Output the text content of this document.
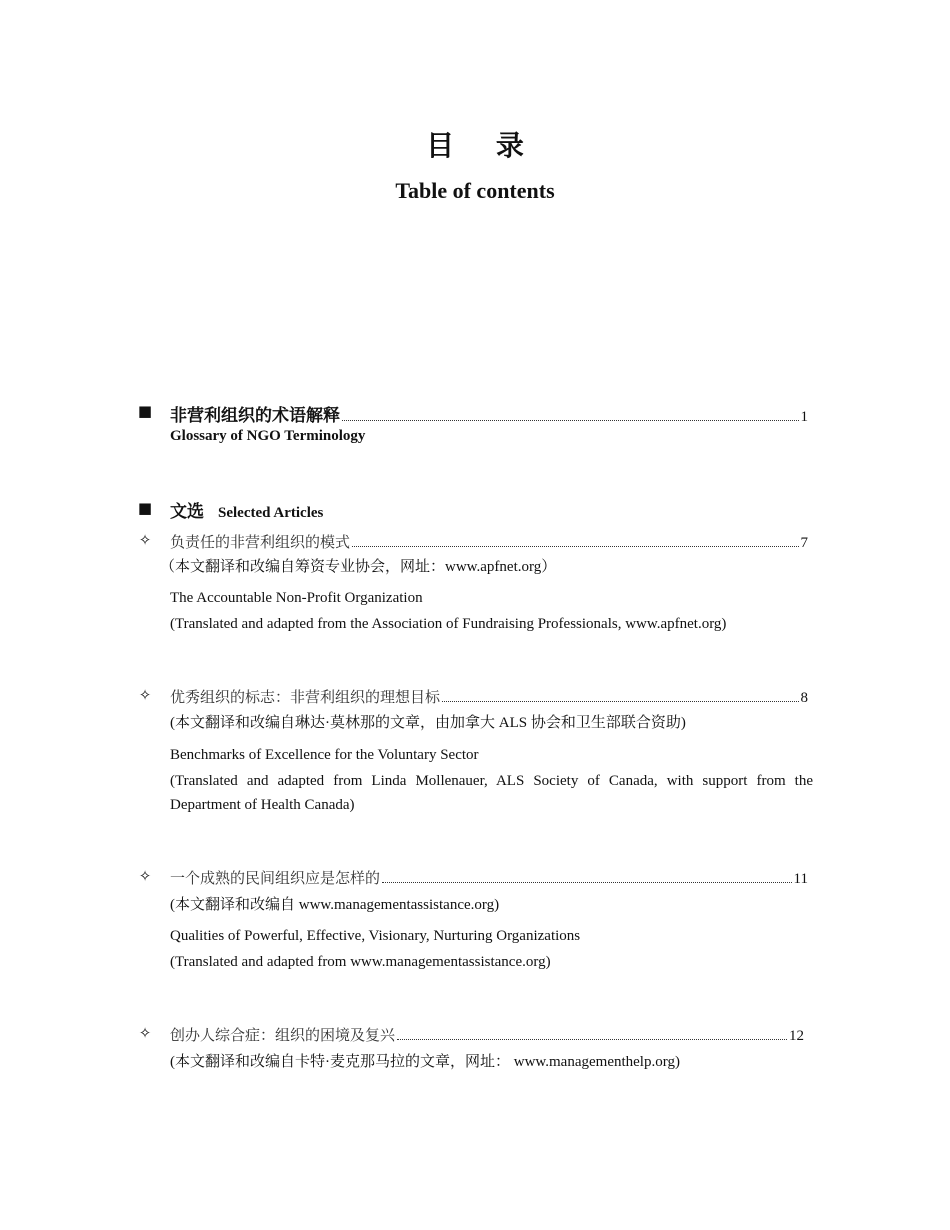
目 录
Table of contents
■ 非营利组织的术语解释	1
Glossary of NGO Terminology
■ 文选 Selected Articles
✧ 负责任的非营利组织的模式	7
（本文翻译和改编自筹资专业协会，网址：www.apfnet.org）
The Accountable Non-Profit Organization
(Translated and adapted from the Association of Fundraising Professionals, www.apfnet.org)
✧ 优秀组织的标志：非营利组织的理想目标	8
(本文翻译和改编自琳达·莫林那的文章，由加拿大 ALS 协会和卫生部联合资助)
Benchmarks of Excellence for the Voluntary Sector
(Translated and adapted from Linda Mollenauer, ALS Society of Canada, with support from the Department of Health Canada)
✧ 一个成熟的民间组织应是怎样的	11
(本文翻译和改编自 www.managementassistance.org)
Qualities of Powerful, Effective, Visionary, Nurturing Organizations
(Translated and adapted from www.managementassistance.org)
✧ 创办人综合症：组织的困境及复兴	12
(本文翻译和改编自卡特·麦克那马拉的文章，网址： www.managementhelp.org)
